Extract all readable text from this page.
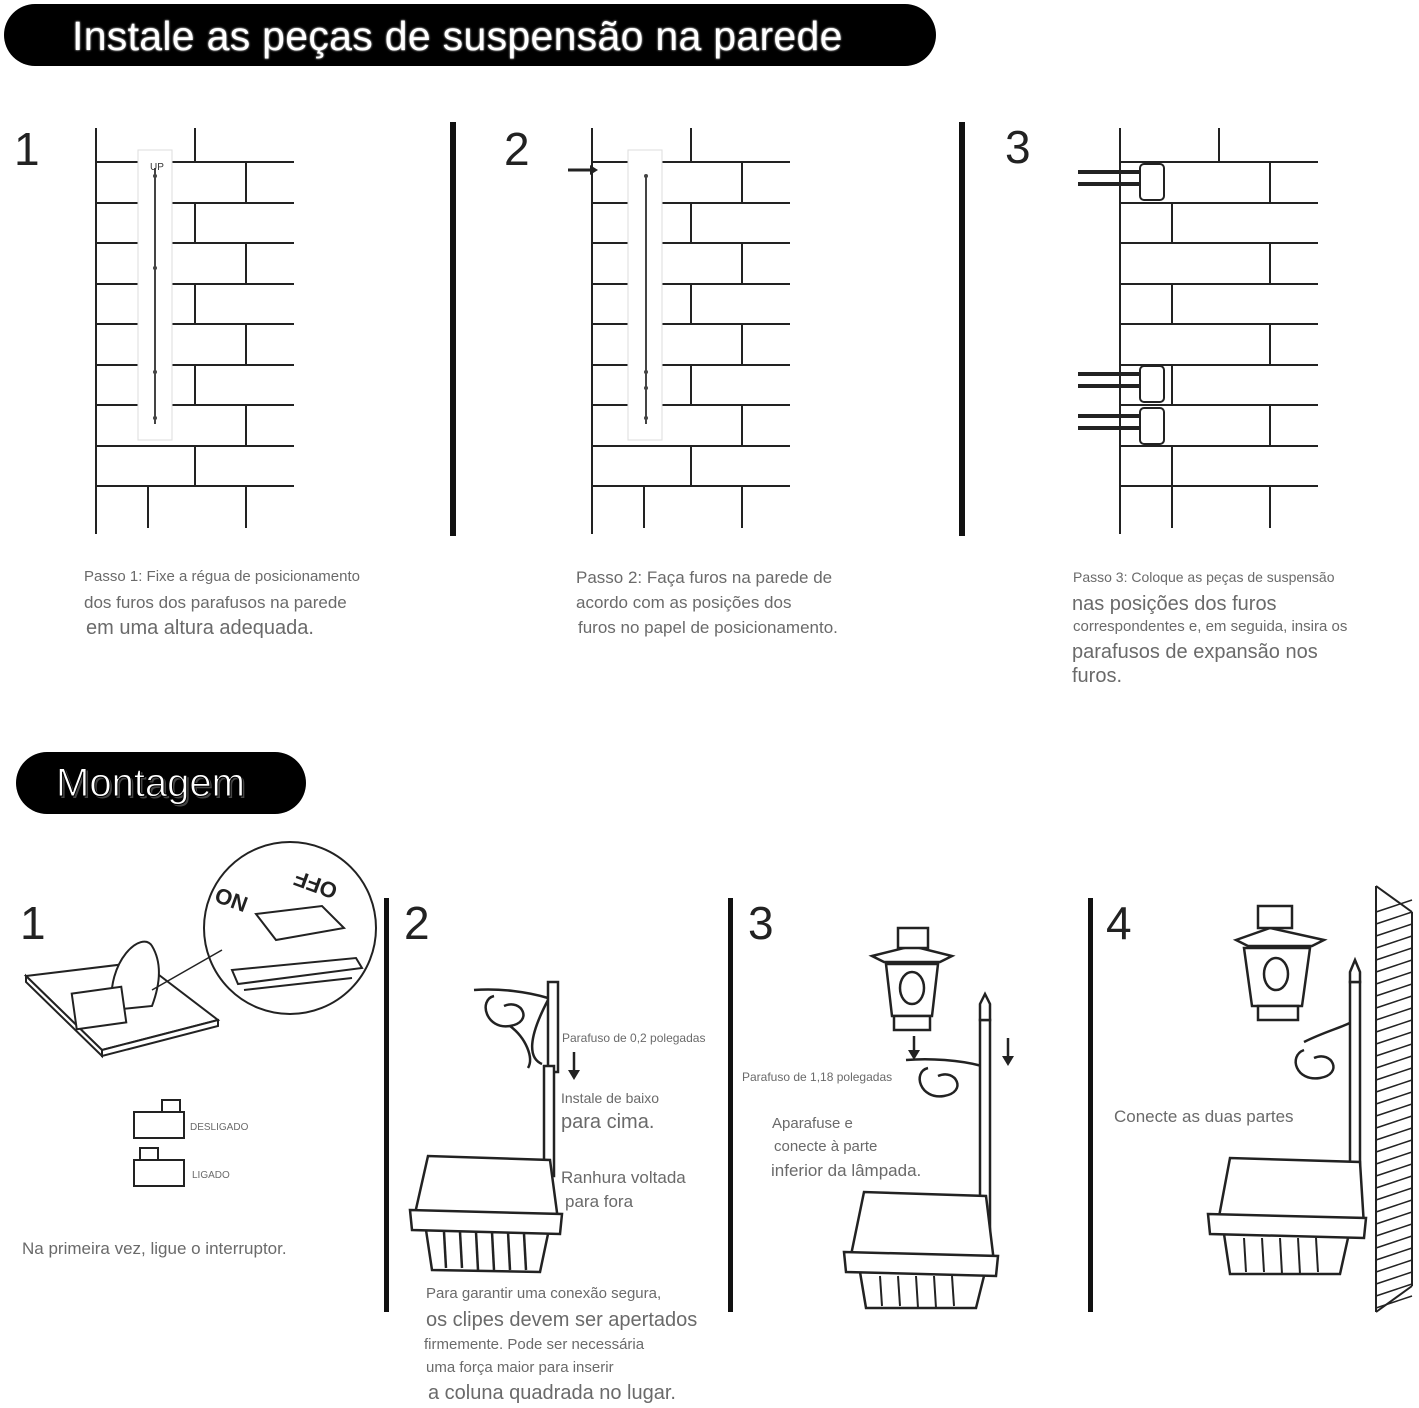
Instale as peças de suspensão na parede
1	2	3
UP
Passo 1: Fixe a régua de posicionamento
dos furos dos parafusos na parede
em uma altura adequada.
Passo 2: Faça furos na parede de
acordo com as posições dos
furos no papel de posicionamento.
Passo 3: Coloque as peças de suspensão
nas posições dos furos
correspondentes e, em seguida, insira os
parafusos de expansão nos
furos.
Montagem
1	2	3	4
ON OFF
DESLIGADO
LIGADO
Na primeira vez, ligue o interruptor.
Parafuso de 0,2 polegadas
Instale de baixo
para cima.
Ranhura voltada
para fora
Para garantir uma conexão segura,
os clipes devem ser apertados
firmemente. Pode ser necessária
uma força maior para inserir
a coluna quadrada no lugar.
Parafuso de 1,18 polegadas
Aparafuse e
conecte à parte
inferior da lâmpada.
Conecte as duas partes
